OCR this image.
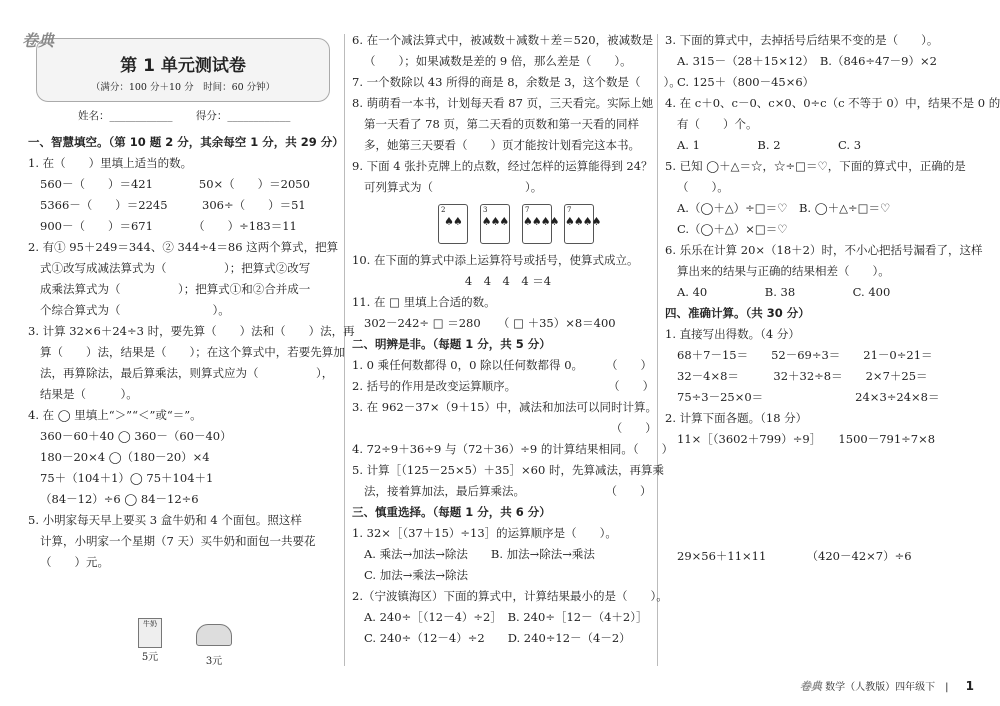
第 1 单元测试卷
（满分：100 分＋10 分　时间：60 分钟）
卷典
姓名：____________ 得分：____________

一、智慧填空。（第 10 题 2 分，其余每空 1 分，共 29 分）

1. 在（　　）里填上适当的数。

560－（　　）＝421　　　　50×（　　）＝2050

5366－（　　）＝2245　　　306÷（　　）＝51

900－（　　）＝671　　　　（　　）÷183＝11

2. 有① 95＋249＝344、② 344÷4＝86 这两个算式，把算

式①改写成减法算式为（　　　　　）；把算式②改写

成乘法算式为（　　　　　）；把算式①和②合并成一

个综合算式为（　　　　　　　　）。

3. 计算 32×6＋24÷3 时，要先算（　　）法和（　　）法，再

算（　　）法，结果是（　　）；在这个算式中，若要先算加

法，再算除法，最后算乘法，则算式应为（　　　　　），

结果是（　　　）。

4. 在 ◯ 里填上“＞”“＜”或“＝”。

360－60＋40 ◯ 360－（60－40）

180－20×4 ◯（180－20）×4

75＋（104＋1）◯ 75＋104＋1

（84－12）÷6 ◯ 84－12÷6

5. 小明家每天早上要买 3 盒牛奶和 4 个面包。照这样

计算，小明家一个星期（7 天）买牛奶和面包一共要花

（　　）元。

牛奶
5元	3元

6. 在一个减法算式中，被减数＋减数＋差＝520，被减数是

（　　）；如果减数是差的 9 倍，那么差是（　　）。

7. 一个数除以 43 所得的商是 8，余数是 3，这个数是（　　）。

8. 萌萌看一本书，计划每天看 87 页，三天看完。实际上她

第一天看了 78 页，第二天看的页数和第一天看的同样

多，她第三天要看（　　）页才能按计划看完这本书。

9. 下面 4 张扑克牌上的点数，经过怎样的运算能得到 24？

可列算式为（　　　　　　　　）。

2
♠♠
3
♠♠♠
7
♠♠♠♠
7
♠♠♠♠

10. 在下面的算式中添上运算符号或括号，使算式成立。

4　4　4　4 ＝4

11. 在 □ 里填上合适的数。

302－242÷ □ ＝280　　（ □ ＋35）×8＝400

二、明辨是非。（每题 1 分，共 5 分）

1. 0 乘任何数都得 0，0 除以任何数都得 0。　　　（　　）

2. 括号的作用是改变运算顺序。　　　　　　　　　（　　）

3. 在 962－37×（9＋15）中，减法和加法可以同时计算。

　　　　　　　　　　　　　　　　　　　　　　　（　　）

4. 72÷9＋36÷9 与（72＋36）÷9 的计算结果相同。（　　）

5. 计算［（125－25×5）＋35］×60 时，先算减法，再算乘

法，接着算加法，最后算乘法。　　　　　　　　（　　）

三、慎重选择。（每题 1 分，共 6 分）

1. 32×［（37＋15）÷13］的运算顺序是（　　）。

A. 乘法→加法→除法　　B. 加法→除法→乘法

C. 加法→乘法→除法

2.（宁波镇海区）下面的算式中，计算结果最小的是（　　）。

A. 240÷［（12－4）÷2］　B. 240÷［12－（4＋2）］

C. 240÷（12－4）÷2　　D. 240÷12－（4－2）

3. 下面的算式中，去掉括号后结果不变的是（　　）。

A. 315－（28＋15×12）　B.（846÷47－9）×2

C. 125＋（800－45×6）

4. 在 c＋0、c－0、c×0、0÷c（c 不等于 0）中，结果不是 0 的

有（　　）个。

A. 1　　　　　B. 2　　　　　C. 3

5. 已知 ◯＋△＝☆，☆÷□＝♡，下面的算式中，正确的是

（　　）。

A.（◯＋△）÷□＝♡　B. ◯＋△÷□＝♡

C.（◯＋△）×□＝♡

6. 乐乐在计算 20×（18＋2）时，不小心把括号漏看了，这样

算出来的结果与正确的结果相差（　　）。

A. 40　　　　　B. 38　　　　　C. 400

四、准确计算。（共 30 分）

1. 直接写出得数。（4 分）

68＋7－15＝　　52－69÷3＝　　21－0÷21＝

32－4×8＝　　　32＋32÷8＝　　2×7＋25＝

75÷3－25×0＝　　　　　　　　24×3÷24×8＝

2. 计算下面各题。（18 分）

11×［（3602＋799）÷9］　　1500－791÷7×8

29×56＋11×11　　　　（420－42×7）÷6

卷典 数学（人教版）四年级下　| 1
